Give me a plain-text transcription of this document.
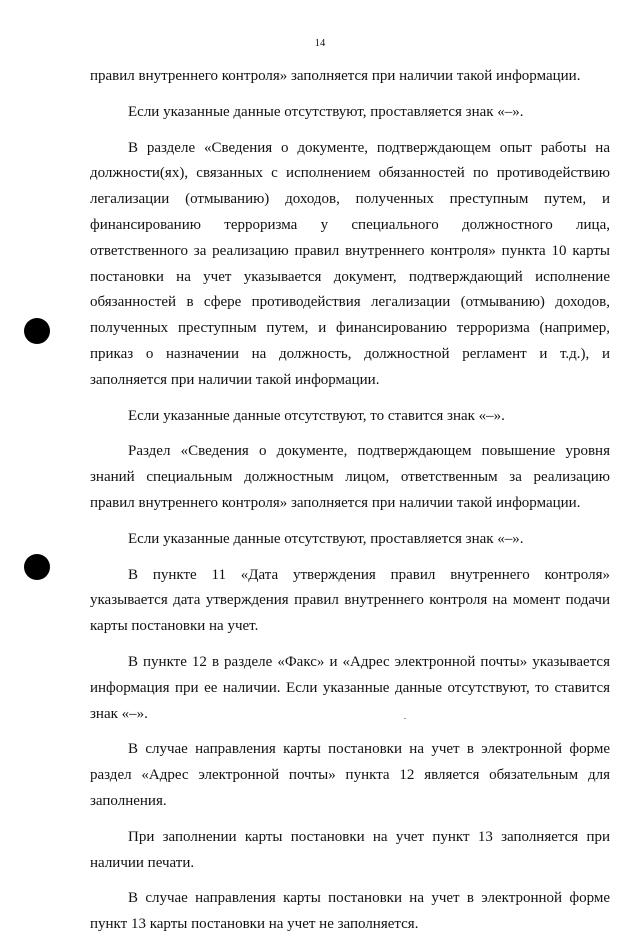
14

правил внутреннего контроля» заполняется при наличии такой информации.

Если указанные данные отсутствуют, проставляется знак «–».

В разделе «Сведения о документе, подтверждающем опыт работы на должности(ях), связанных с исполнением обязанностей по противодействию легализации (отмыванию) доходов, полученных преступным путем, и финансированию терроризма у специального должностного лица, ответственного за реализацию правил внутреннего контроля» пункта 10 карты постановки на учет указывается документ, подтверждающий исполнение обязанностей в сфере противодействия легализации (отмыванию) доходов, полученных преступным путем, и финансированию терроризма (например, приказ о назначении на должность, должностной регламент и т.д.), и заполняется при наличии такой информации.

Если указанные данные отсутствуют, то ставится знак «–».

Раздел «Сведения о документе, подтверждающем повышение уровня знаний специальным должностным лицом, ответственным за реализацию правил внутреннего контроля» заполняется при наличии такой информации.

Если указанные данные отсутствуют, проставляется знак «–».

В пункте 11 «Дата утверждения правил внутреннего контроля» указывается дата утверждения правил внутреннего контроля на момент подачи карты постановки на учет.

В пункте 12 в разделе «Факс» и «Адрес электронной почты» указывается информация при ее наличии. Если указанные данные отсутствуют, то ставится знак «–».

В случае направления карты постановки на учет в электронной форме раздел «Адрес электронной почты» пункта 12 является обязательным для заполнения.

При заполнении карты постановки на учет пункт 13 заполняется при наличии печати.

В случае направления карты постановки на учет в электронной форме пункт 13 карты постановки на учет не заполняется.
